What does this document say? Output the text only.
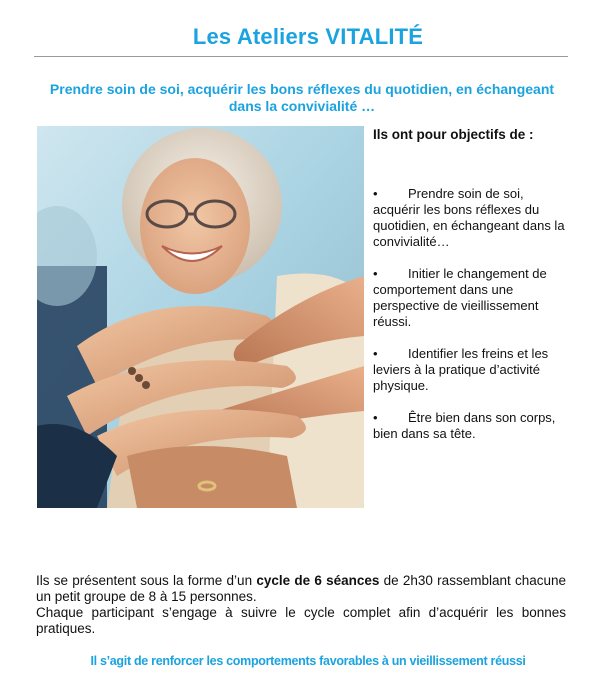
Les Ateliers VITALITÉ

Prendre soin de soi, acquérir les bons réflexes du quotidien, en échangeant dans la convivialité …

Ils ont pour objectifs de :

• Prendre soin de soi, acquérir les bons réflexes du quotidien, en échangeant dans la convivialité…
• Initier le changement de comportement dans une perspective de vieillissement réussi.
• Identifier les freins et les leviers à la pratique d’activité physique.
• Être bien dans son corps, bien dans sa tête.

Ils se présentent sous la forme d’un cycle de 6 séances de 2h30 rassemblant chacune un petit groupe de 8 à 15 personnes.

Chaque participant s’engage à suivre le cycle complet afin d’acquérir les bonnes pratiques.

Il s’agit de renforcer les comportements favorables à un vieillissement réussi
